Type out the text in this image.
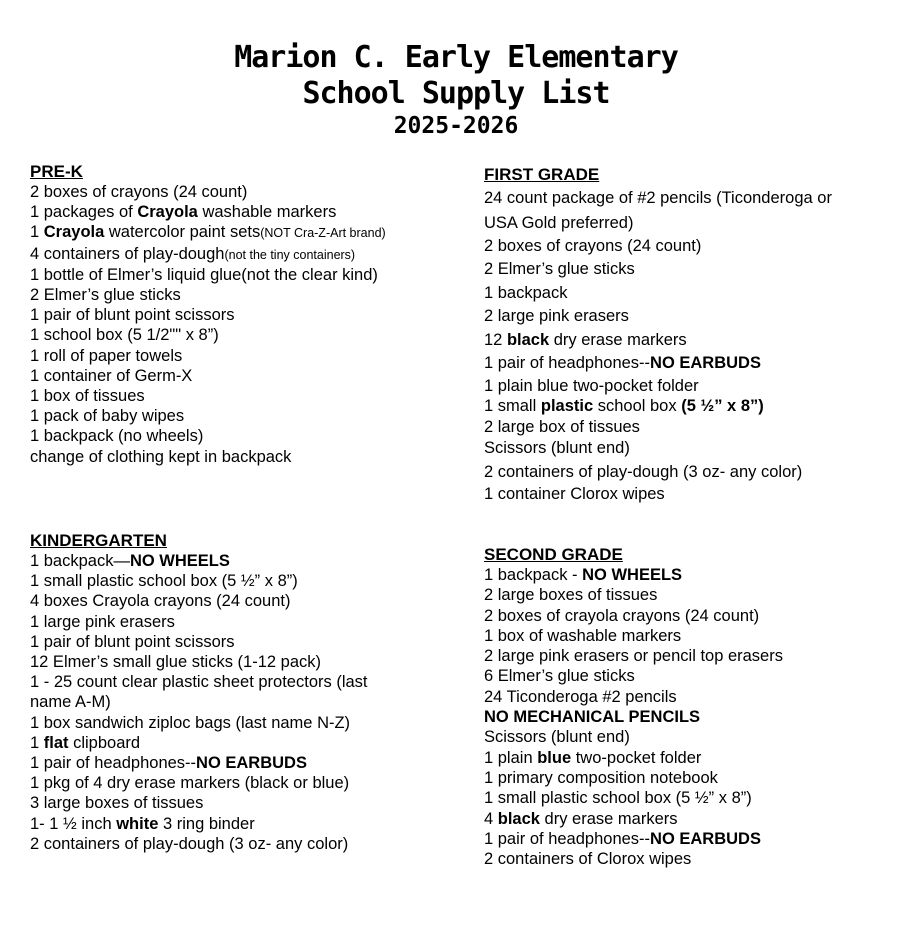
Marion C. Early Elementary
School Supply List
2025-2026
PRE-K
2 boxes of crayons (24 count)
1 packages of Crayola washable markers
1 Crayola watercolor paint sets(NOT Cra-Z-Art brand)
4 containers of play-dough(not the tiny containers)
1 bottle of Elmer’s liquid glue(not the clear kind)
2 Elmer’s glue sticks
1 pair of blunt point scissors
1 school box (5 1/2"" x 8”)
1 roll of paper towels
1 container of Germ-X
1 box of tissues
1 pack of baby wipes
1 backpack (no wheels)
change of clothing kept in backpack
FIRST GRADE
24 count package of #2 pencils (Ticonderoga or
USA Gold preferred)
2 boxes of crayons (24 count)
2 Elmer’s glue sticks
1 backpack
2 large pink erasers
12 black dry erase markers
1 pair of headphones--NO EARBUDS
1 plain blue two-pocket folder
1 small plastic school box (5 ½” x 8”)
2 large box of tissues
Scissors (blunt end)
2 containers of play-dough (3 oz- any color)
1 container Clorox wipes
KINDERGARTEN
1 backpack—NO WHEELS
1 small plastic school box (5 ½” x 8”)
4 boxes Crayola crayons (24 count)
1 large pink erasers
1 pair of blunt point scissors
12 Elmer’s small glue sticks (1-12 pack)
1 - 25 count clear plastic sheet protectors (last
name A-M)
1 box sandwich ziploc bags (last name N-Z)
1 flat clipboard
1 pair of headphones--NO EARBUDS
1 pkg of 4 dry erase markers (black or blue)
3 large boxes of tissues
1- 1 ½ inch white 3 ring binder
2 containers of play-dough (3 oz- any color)
SECOND GRADE
1 backpack - NO WHEELS
2 large boxes of tissues
2 boxes of crayola crayons (24 count)
1 box of washable markers
2 large pink erasers or pencil top erasers
6 Elmer’s glue sticks
24 Ticonderoga #2 pencils
NO MECHANICAL PENCILS
Scissors (blunt end)
1 plain blue two-pocket folder
1 primary composition notebook
1 small plastic school box (5 ½” x 8”)
4 black dry erase markers
1 pair of headphones--NO EARBUDS
2 containers of Clorox wipes
